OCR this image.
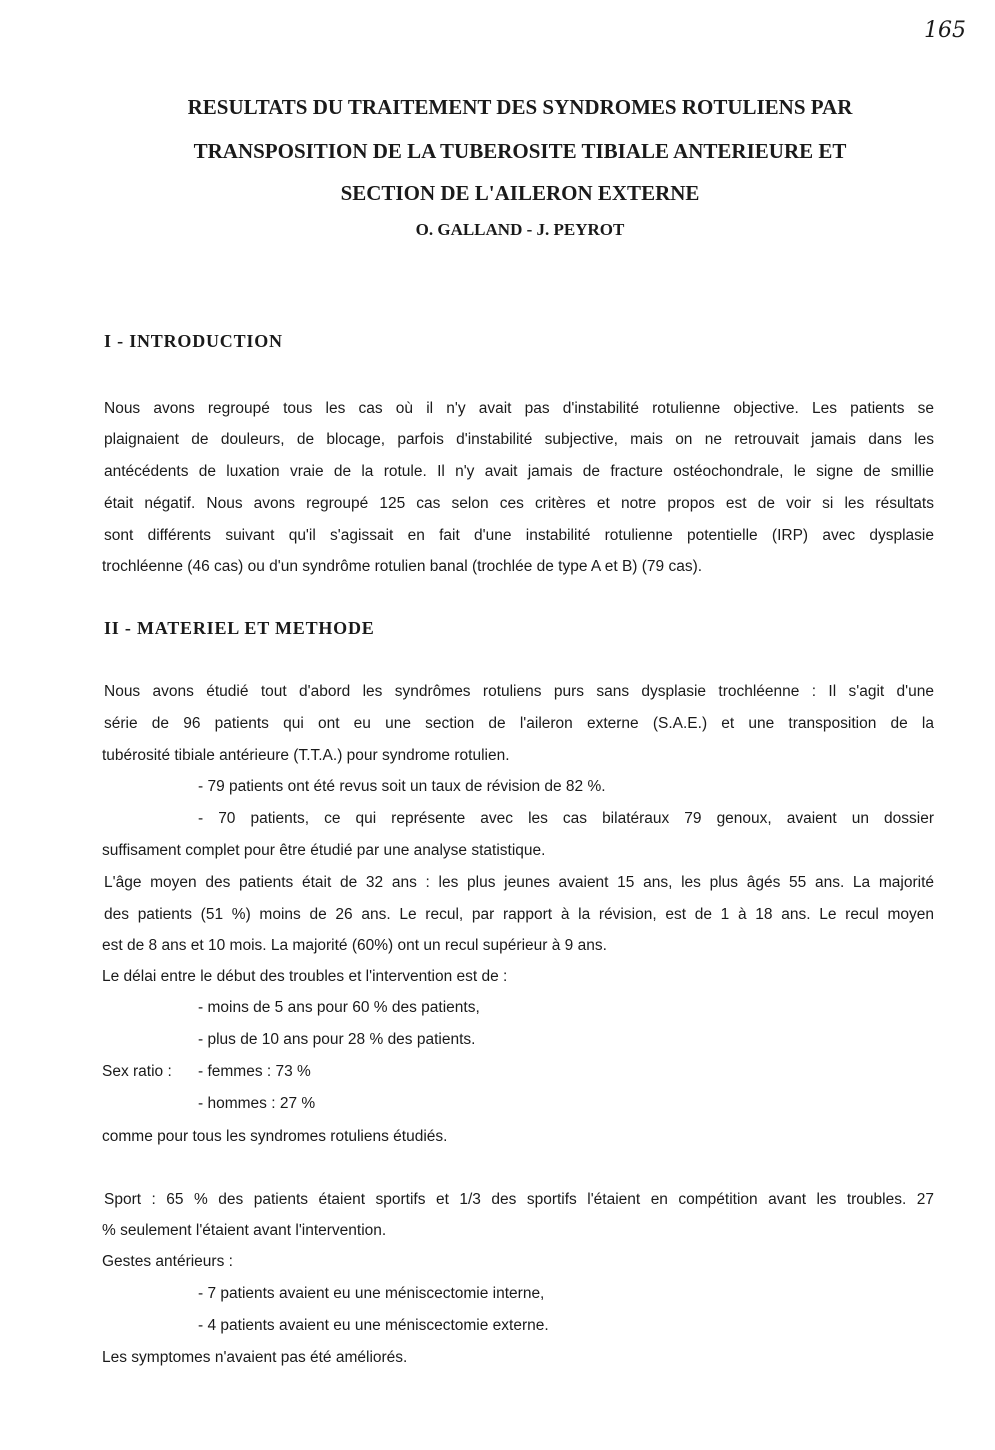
165
RESULTATS DU TRAITEMENT DES SYNDROMES ROTULIENS PAR
TRANSPOSITION DE LA TUBEROSITE TIBIALE ANTERIEURE ET
SECTION DE L'AILERON EXTERNE
O. GALLAND - J. PEYROT
I - INTRODUCTION
Nous avons regroupé tous les cas où il n'y avait pas d'instabilité rotulienne objective. Les patients se
plaignaient de douleurs, de blocage, parfois d'instabilité subjective, mais on ne retrouvait jamais dans les
antécédents de luxation vraie de la rotule. Il n'y avait jamais de fracture ostéochondrale, le signe de smillie
était négatif. Nous avons regroupé 125 cas selon ces critères et notre propos est de voir si les résultats
sont différents suivant qu'il s'agissait en fait d'une instabilité rotulienne potentielle (IRP) avec dysplasie
trochléenne (46 cas) ou d'un syndrôme rotulien banal (trochlée de type A et B) (79 cas).
II - MATERIEL ET METHODE
Nous avons étudié tout d'abord les syndrômes rotuliens purs sans dysplasie trochléenne : Il s'agit d'une
série de 96 patients qui ont eu une section de l'aileron externe (S.A.E.) et une transposition de la
tubérosité tibiale antérieure (T.T.A.) pour syndrome rotulien.
- 79 patients ont été revus soit un taux de révision de 82 %.
- 70 patients, ce qui représente avec les cas bilatéraux 79 genoux, avaient un dossier
suffisament complet pour être étudié par une analyse statistique.
L'âge moyen des patients était de 32 ans : les plus jeunes avaient 15 ans, les plus âgés 55 ans. La majorité
des patients (51 %) moins de 26 ans. Le recul, par rapport à la révision, est de 1 à 18 ans. Le recul moyen
est de 8 ans et 10 mois. La majorité (60%) ont un recul supérieur à 9 ans.
Le délai entre le début des troubles et l'intervention est de :
- moins de 5 ans pour 60 % des patients,
- plus de 10 ans pour 28 % des patients.
Sex ratio : - femmes : 73 %
- hommes : 27 %
comme pour tous les syndromes rotuliens étudiés.
Sport : 65 % des patients étaient sportifs et 1/3 des sportifs l'étaient en compétition avant les troubles. 27
% seulement l'étaient avant l'intervention.
Gestes antérieurs :
- 7 patients avaient eu une méniscectomie interne,
- 4 patients avaient eu une méniscectomie externe.
Les symptomes n'avaient pas été améliorés.
